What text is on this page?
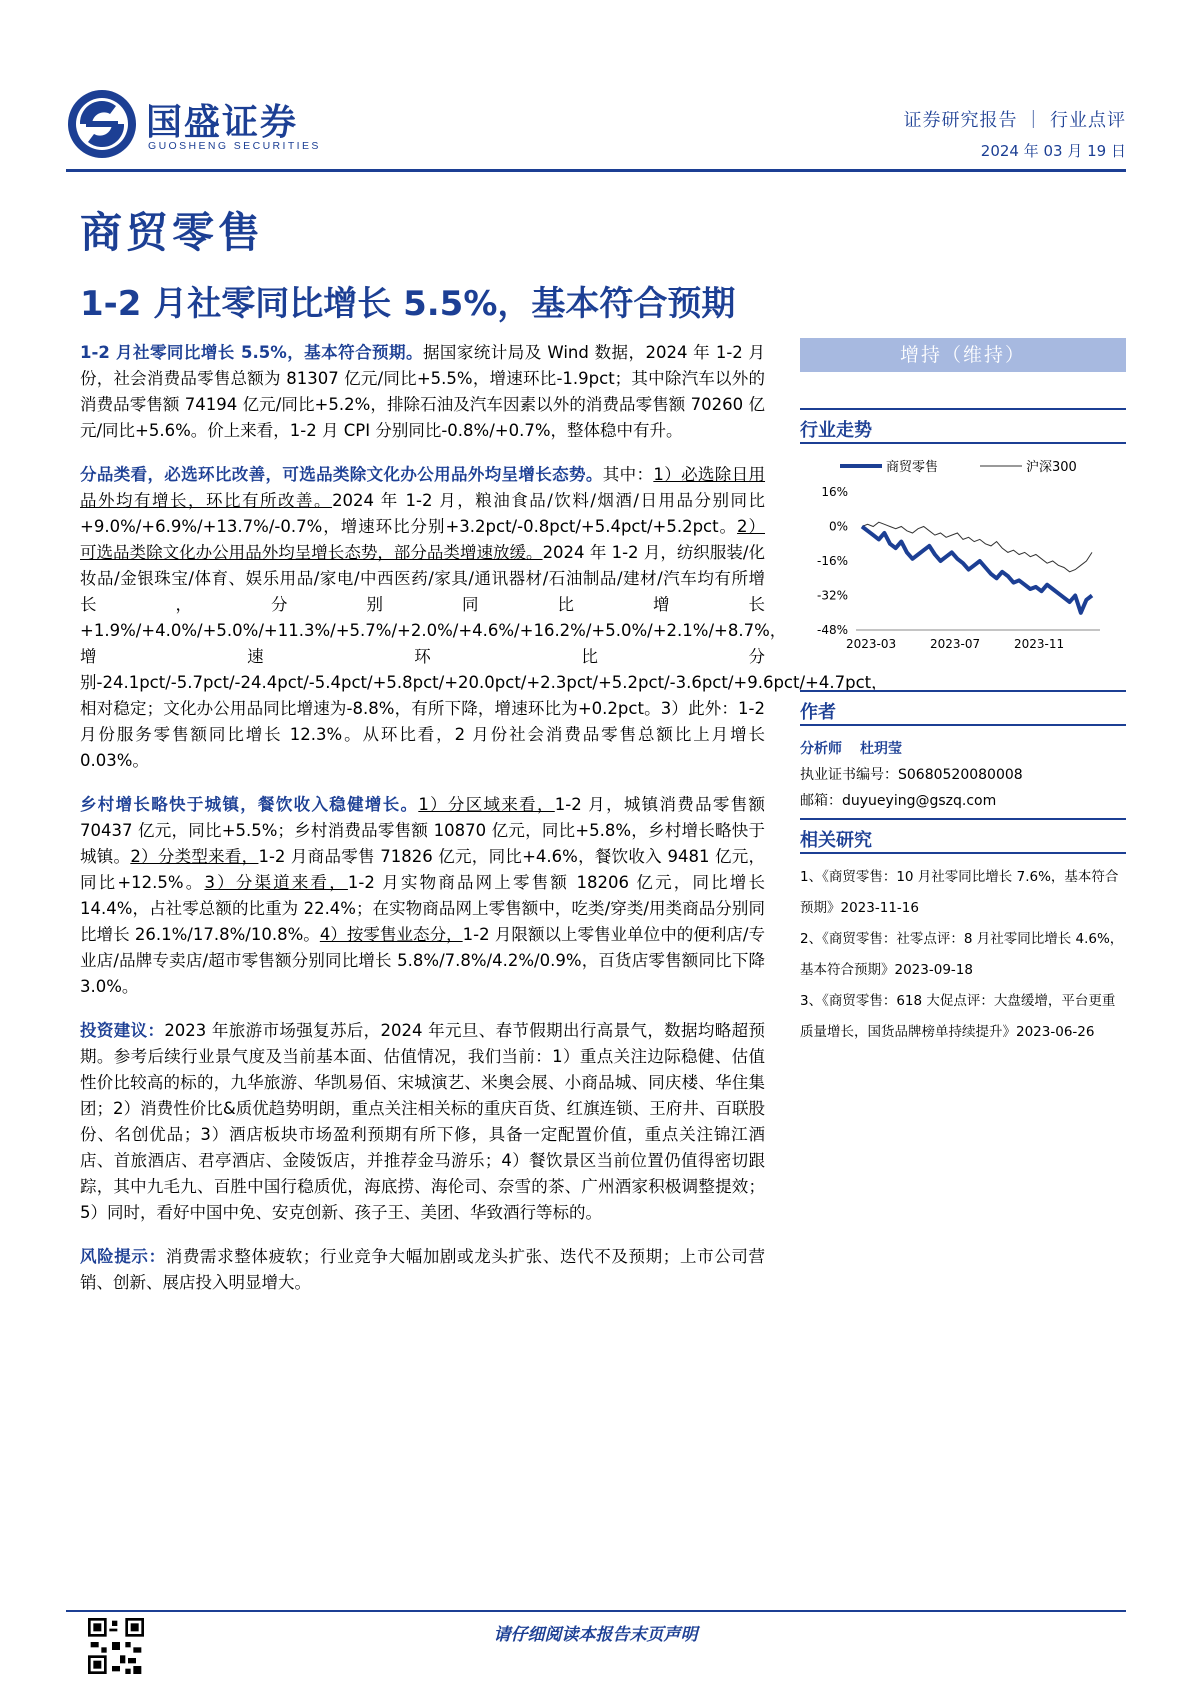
国盛证券
GUOSHENG SECURITIES
证券研究报告 ｜ 行业点评
2024 年 03 月 19 日
商贸零售
1-2 月社零同比增长 5.5%，基本符合预期

1-2 月社零同比增长 5.5%，基本符合预期。据国家统计局及 Wind 数据，2024 年 1-2 月份，社会消费品零售总额为 81307 亿元/同比+5.5%，增速环比-1.9pct；其中除汽车以外的消费品零售额 74194 亿元/同比+5.2%，排除石油及汽车因素以外的消费品零售额 70260 亿元/同比+5.6%。价上来看，1-2 月 CPI 分别同比-0.8%/+0.7%，整体稳中有升。

分品类看，必选环比改善，可选品类除文化办公用品外均呈增长态势。其中：1）必选除日用品外均有增长，环比有所改善。2024 年 1-2 月，粮油食品/饮料/烟酒/日用品分别同比+9.0%/+6.9%/+13.7%/-0.7%，增速环比分别+3.2pct/-0.8pct/+5.4pct/+5.2pct。2）可选品类除文化办公用品外均呈增长态势，部分品类增速放缓。2024 年 1-2 月，纺织服装/化妆品/金银珠宝/体育、娱乐用品/家电/中西医药/家具/通讯器材/石油制品/建材/汽车均有所增长，分别同比增长+1.9%/+4.0%/+5.0%/+11.3%/+5.7%/+2.0%/+4.6%/+16.2%/+5.0%/+2.1%/+8.7%，增速环比分别-24.1pct/-5.7pct/-24.4pct/-5.4pct/+5.8pct/+20.0pct/+2.3pct/+5.2pct/-3.6pct/+9.6pct/+4.7pct，相对稳定；文化办公用品同比增速为-8.8%，有所下降，增速环比为+0.2pct。3）此外：1-2 月份服务零售额同比增长 12.3%。从环比看，2 月份社会消费品零售总额比上月增长 0.03%。

乡村增长略快于城镇，餐饮收入稳健增长。1）分区域来看，1-2 月，城镇消费品零售额 70437 亿元，同比+5.5%；乡村消费品零售额 10870 亿元，同比+5.8%，乡村增长略快于城镇。2）分类型来看，1-2 月商品零售 71826 亿元，同比+4.6%，餐饮收入 9481 亿元，同比+12.5%。3）分渠道来看，1-2 月实物商品网上零售额 18206 亿元，同比增长 14.4%，占社零总额的比重为 22.4%；在实物商品网上零售额中，吃类/穿类/用类商品分别同比增长 26.1%/17.8%/10.8%。4）按零售业态分，1-2 月限额以上零售业单位中的便利店/专业店/品牌专卖店/超市零售额分别同比增长 5.8%/7.8%/4.2%/0.9%，百货店零售额同比下降 3.0%。

投资建议：2023 年旅游市场强复苏后，2024 年元旦、春节假期出行高景气，数据均略超预期。参考后续行业景气度及当前基本面、估值情况，我们当前：1）重点关注边际稳健、估值性价比较高的标的，九华旅游、华凯易佰、宋城演艺、米奥会展、小商品城、同庆楼、华住集团；2）消费性价比&质优趋势明朗，重点关注相关标的重庆百货、红旗连锁、王府井、百联股份、名创优品；3）酒店板块市场盈利预期有所下修，具备一定配置价值，重点关注锦江酒店、首旅酒店、君亭酒店、金陵饭店，并推荐金马游乐；4）餐饮景区当前位置仍值得密切跟踪，其中九毛九、百胜中国行稳质优，海底捞、海伦司、奈雪的茶、广州酒家积极调整提效；5）同时，看好中国中免、安克创新、孩子王、美团、华致酒行等标的。

风险提示：消费需求整体疲软；行业竞争大幅加剧或龙头扩张、迭代不及预期；上市公司营销、创新、展店投入明显增大。

增持（维持）
行业走势
商贸零售	沪深300
16%
0%
-16%
-32%
-48%
2023-03	2023-07	2023-11
作者
分析师 杜玥莹
执业证书编号：S0680520080008
邮箱：duyueying@gszq.com
相关研究
1、《商贸零售：10 月社零同比增长 7.6%，基本符合预期》2023-11-16
2、《商贸零售：社零点评：8 月社零同比增长 4.6%，基本符合预期》2023-09-18
3、《商贸零售：618 大促点评：大盘缓增，平台更重质量增长，国货品牌榜单持续提升》2023-06-26
请仔细阅读本报告末页声明
